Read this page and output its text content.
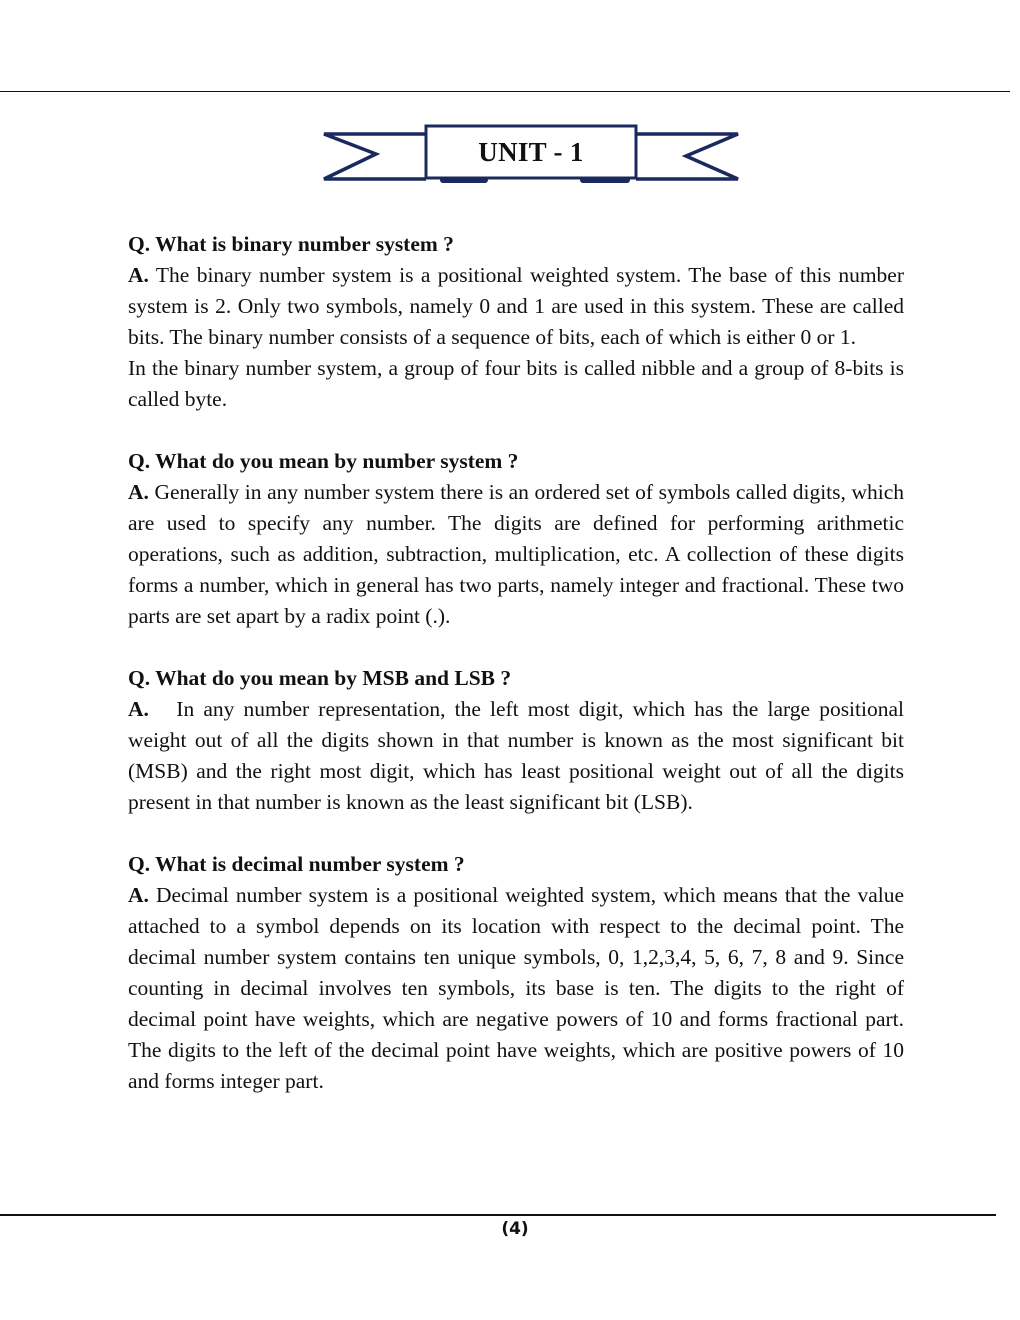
UNIT - 1

Q. What is binary number system ?

A. The binary number system is a positional weighted system. The base of this number system is 2. Only two symbols, namely 0 and 1 are used in this system. These are called bits. The binary number consists of a sequence of bits, each of which is either 0 or 1.

In the binary number system, a group of four bits is called nibble and a group of 8-bits is called byte.

Q. What do you mean by number system ?

A. Generally in any number system there is an ordered set of symbols called digits, which are used to specify any number. The digits are defined for performing arithmetic operations, such as addition, subtraction, multiplication, etc. A collection of these digits forms a number, which in general has two parts, namely integer and fractional. These two parts are set apart by a radix point (.).

Q. What do you mean by MSB and LSB ?

A. In any number representation, the left most digit, which has the large positional weight out of all the digits shown in that number is known as the most significant bit (MSB) and the right most digit, which has least positional weight out of all the digits present in that number is known as the least significant bit (LSB).

Q. What is decimal number system ?

A. Decimal number system is a positional weighted system, which means that the value attached to a symbol depends on its location with respect to the decimal point. The decimal number system contains ten unique symbols, 0, 1,2,3,4, 5, 6, 7, 8 and 9. Since counting in decimal involves ten symbols, its base is ten. The digits to the right of decimal point have weights, which are negative powers of 10 and forms fractional part. The digits to the left of the decimal point have weights, which are positive powers of 10 and forms integer part.

(4)
